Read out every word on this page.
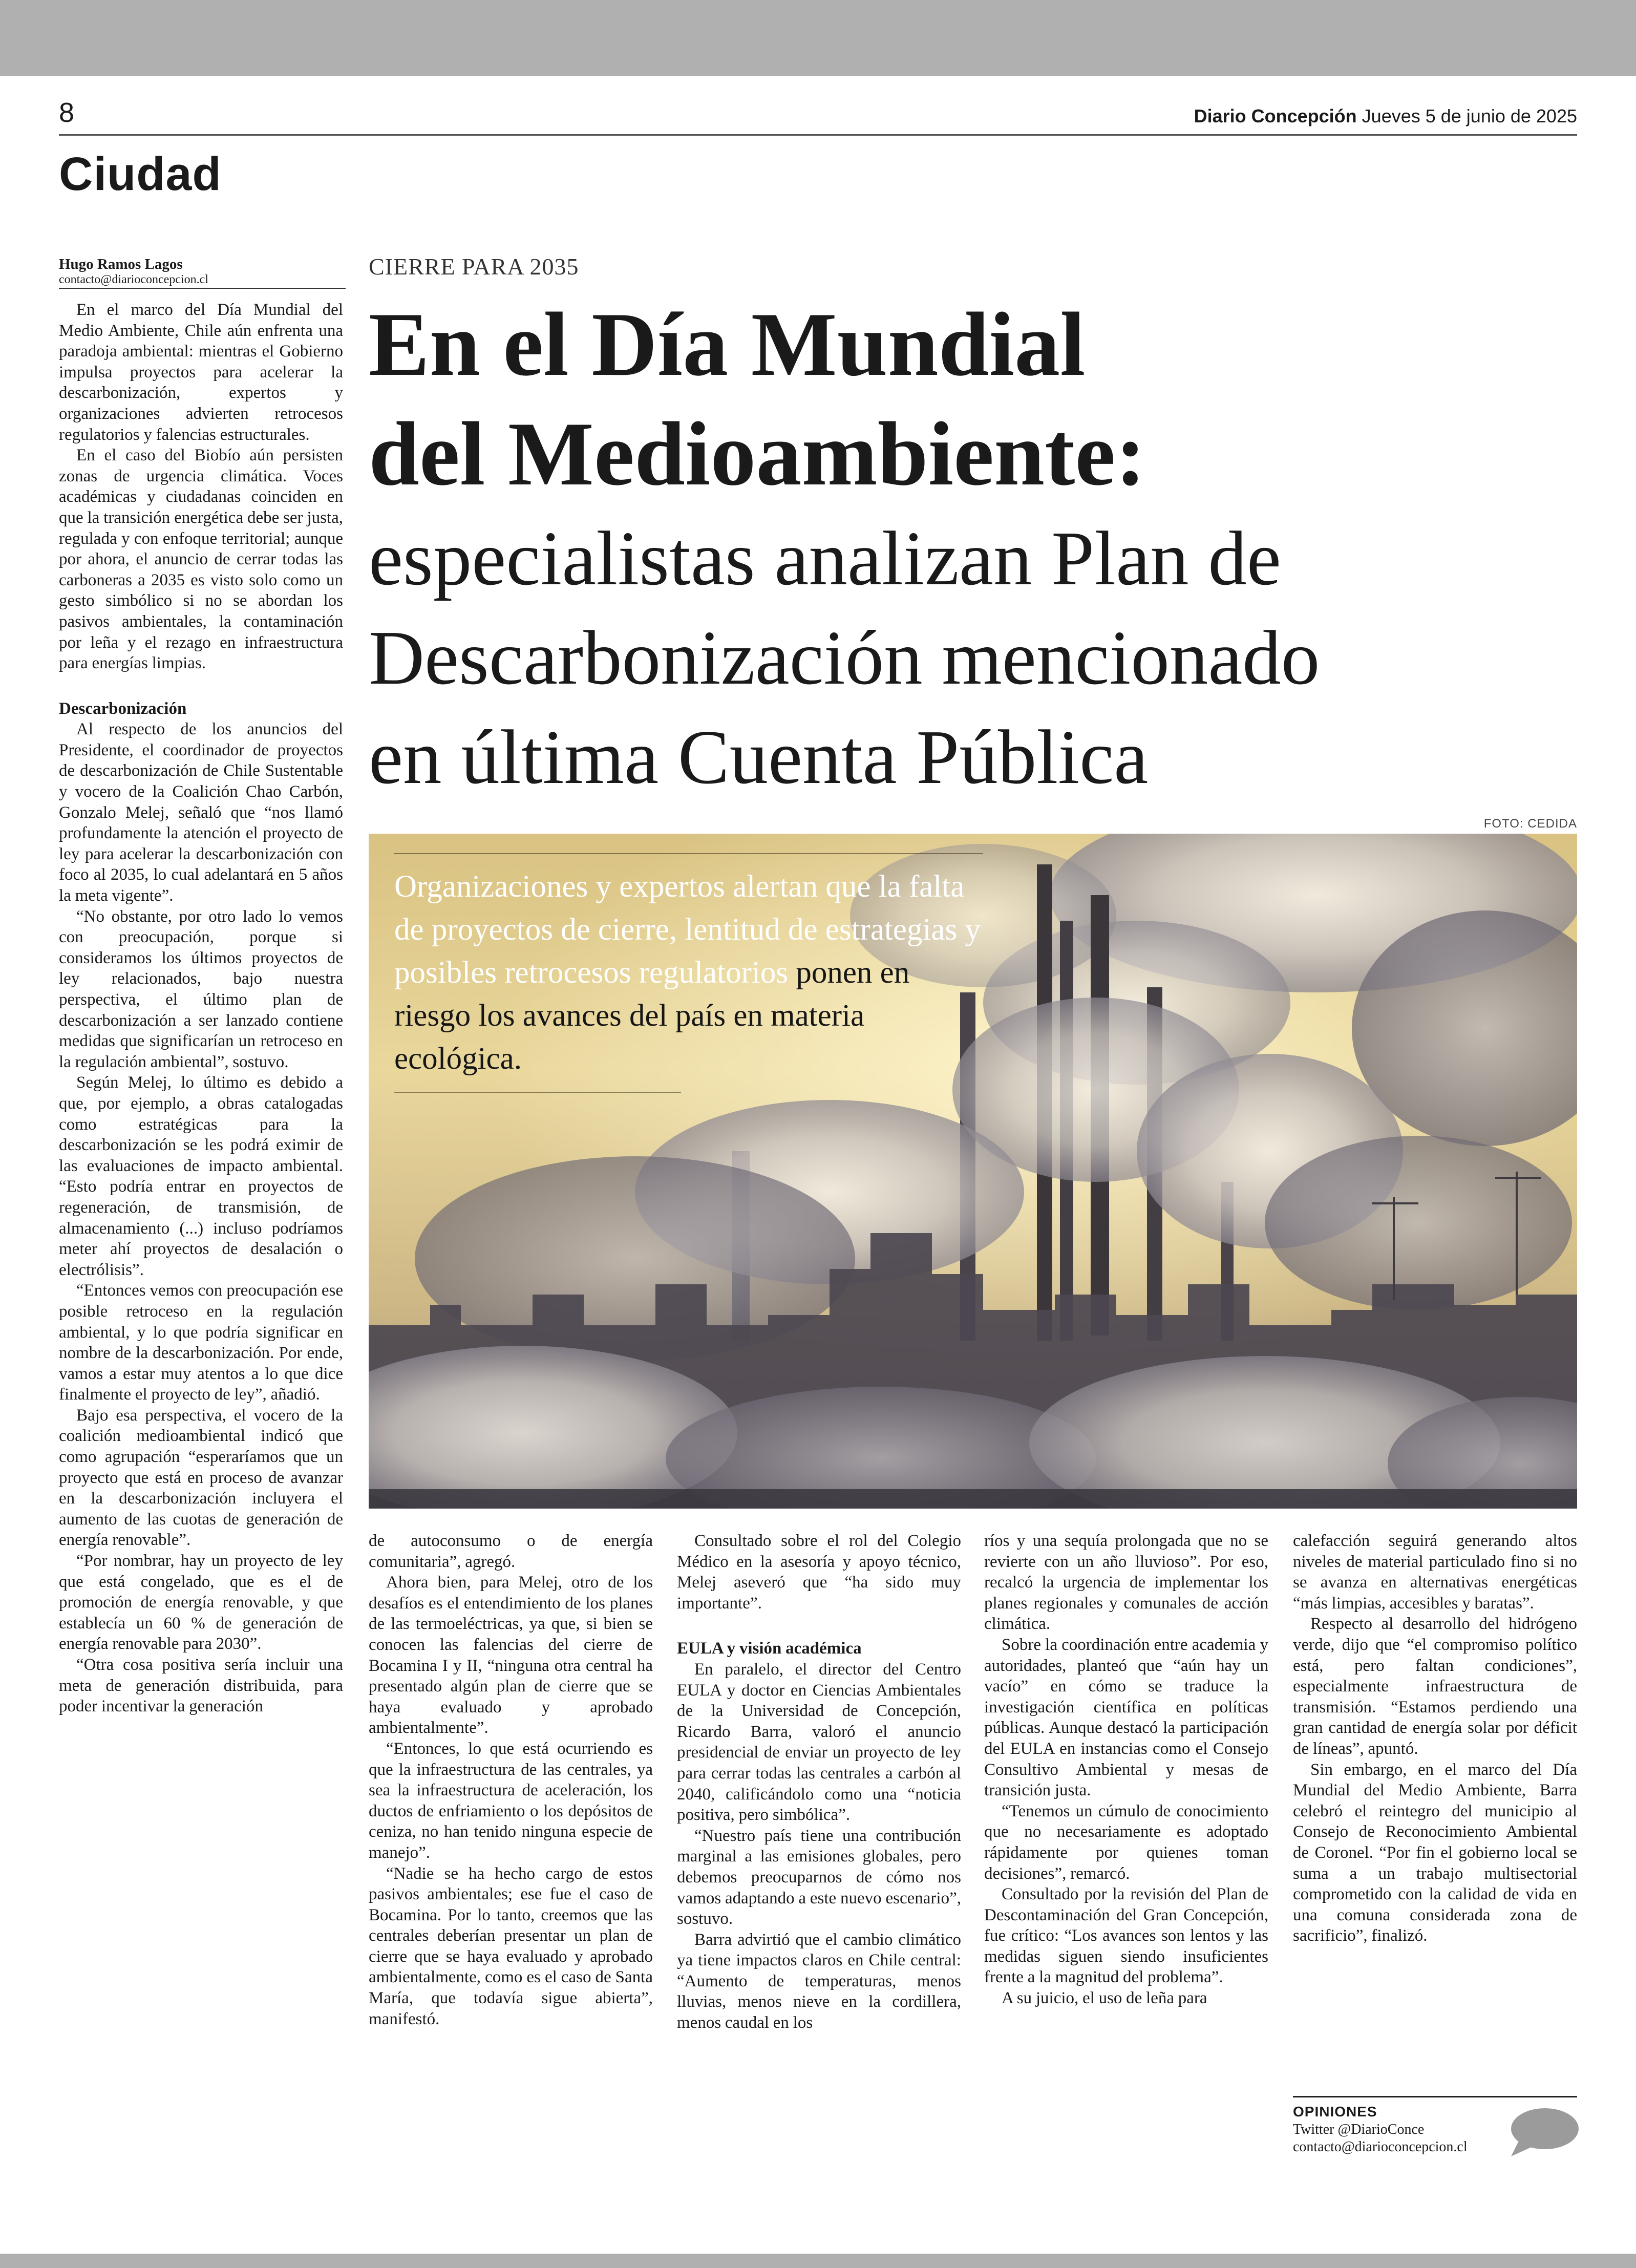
8	Diario Concepción Jueves 5 de junio de 2025
Ciudad
Hugo Ramos Lagos
contacto@diarioconcepcion.cl

En el marco del Día Mundial del Medio Ambiente, Chile aún enfrenta una paradoja ambiental: mientras el Gobierno impulsa proyectos para acelerar la descarbonización, expertos y organizaciones advierten retrocesos regulatorios y falencias estructurales.

En el caso del Biobío aún persisten zonas de urgencia climática. Voces académicas y ciudadanas coinciden en que la transición energética debe ser justa, regulada y con enfoque territorial; aunque por ahora, el anuncio de cerrar todas las carboneras a 2035 es visto solo como un gesto simbólico si no se abordan los pasivos ambientales, la contaminación por leña y el rezago en infraestructura para energías limpias.

Descarbonización

Al respecto de los anuncios del Presidente, el coordinador de proyectos de descarbonización de Chile Sustentable y vocero de la Coalición Chao Carbón, Gonzalo Melej, señaló que “nos llamó profundamente la atención el proyecto de ley para acelerar la descarbonización con foco al 2035, lo cual adelantará en 5 años la meta vigente”.

“No obstante, por otro lado lo vemos con preocupación, porque si consideramos los últimos proyectos de ley relacionados, bajo nuestra perspectiva, el último plan de descarbonización a ser lanzado contiene medidas que significarían un retroceso en la regulación ambiental”, sostuvo.

Según Melej, lo último es debido a que, por ejemplo, a obras catalogadas como estratégicas para la descarbonización se les podrá eximir de las evaluaciones de impacto ambiental. “Esto podría entrar en proyectos de regeneración, de transmisión, de almacenamiento (...) incluso podríamos meter ahí proyectos de desalación o electrólisis”.

“Entonces vemos con preocupación ese posible retroceso en la regulación ambiental, y lo que podría significar en nombre de la descarbonización. Por ende, vamos a estar muy atentos a lo que dice finalmente el proyecto de ley”, añadió.

Bajo esa perspectiva, el vocero de la coalición medioambiental indicó que como agrupación “esperaríamos que un proyecto que está en proceso de avanzar en la descarbonización incluyera el aumento de las cuotas de generación de energía renovable”.

“Por nombrar, hay un proyecto de ley que está congelado, que es el de promoción de energía renovable, y que establecía un 60 % de generación de energía renovable para 2030”.

“Otra cosa positiva sería incluir una meta de generación distribuida, para poder incentivar la generación

CIERRE PARA 2035

En el Día Mundial

del Medioambiente:

especialistas analizan Plan de

Descarbonización mencionado

en última Cuenta Pública

FOTO: CEDIDA
Organizaciones y expertos alertan que la falta de proyectos de cierre, lentitud de estrategias y posibles retrocesos regulatorios ponen en riesgo los avances del país en materia ecológica.

de autoconsumo o de energía comunitaria”, agregó.

Ahora bien, para Melej, otro de los desafíos es el entendimiento de los planes de las termoeléctricas, ya que, si bien se conocen las falencias del cierre de Bocamina I y II, “ninguna otra central ha presentado algún plan de cierre que se haya evaluado y aprobado ambientalmente”.

“Entonces, lo que está ocurriendo es que la infraestructura de las centrales, ya sea la infraestructura de aceleración, los ductos de enfriamiento o los depósitos de ceniza, no han tenido ninguna especie de manejo”.

“Nadie se ha hecho cargo de estos pasivos ambientales; ese fue el caso de Bocamina. Por lo tanto, creemos que las centrales deberían presentar un plan de cierre que se haya evaluado y aprobado ambientalmente, como es el caso de Santa María, que todavía sigue abierta”, manifestó.

Consultado sobre el rol del Colegio Médico en la asesoría y apoyo técnico, Melej aseveró que “ha sido muy importante”.

EULA y visión académica

En paralelo, el director del Centro EULA y doctor en Ciencias Ambientales de la Universidad de Concepción, Ricardo Barra, valoró el anuncio presidencial de enviar un proyecto de ley para cerrar todas las centrales a carbón al 2040, calificándolo como una “noticia positiva, pero simbólica”.

“Nuestro país tiene una contribución marginal a las emisiones globales, pero debemos preocuparnos de cómo nos vamos adaptando a este nuevo escenario”, sostuvo.

Barra advirtió que el cambio climático ya tiene impactos claros en Chile central: “Aumento de temperaturas, menos lluvias, menos nieve en la cordillera, menos caudal en los

ríos y una sequía prolongada que no se revierte con un año lluvioso”. Por eso, recalcó la urgencia de implementar los planes regionales y comunales de acción climática.

Sobre la coordinación entre academia y autoridades, planteó que “aún hay un vacío” en cómo se traduce la investigación científica en políticas públicas. Aunque destacó la participación del EULA en instancias como el Consejo Consultivo Ambiental y mesas de transición justa.

“Tenemos un cúmulo de conocimiento que no necesariamente es adoptado rápidamente por quienes toman decisiones”, remarcó.

Consultado por la revisión del Plan de Descontaminación del Gran Concepción, fue crítico: “Los avances son lentos y las medidas siguen siendo insuficientes frente a la magnitud del problema”.

A su juicio, el uso de leña para

calefacción seguirá generando altos niveles de material particulado fino si no se avanza en alternativas energéticas “más limpias, accesibles y baratas”.

Respecto al desarrollo del hidrógeno verde, dijo que “el compromiso político está, pero faltan condiciones”, especialmente infraestructura de transmisión. “Estamos perdiendo una gran cantidad de energía solar por déficit de líneas”, apuntó.

Sin embargo, en el marco del Día Mundial del Medio Ambiente, Barra celebró el reintegro del municipio al Consejo de Reconocimiento Ambiental de Coronel. “Por fin el gobierno local se suma a un trabajo multisectorial comprometido con la calidad de vida en una comuna considerada zona de sacrificio”, finalizó.

OPINIONES
Twitter @DiarioConce
contacto@diarioconcepcion.cl
